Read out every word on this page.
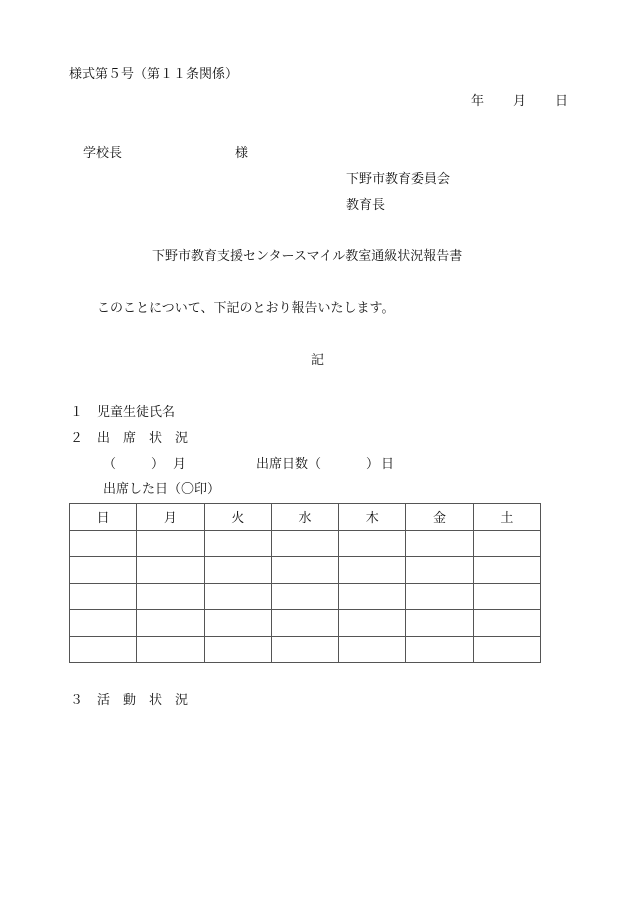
様式第５号（第１１条関係）
年 月 日
学校長	様
下野市教育委員会
教育長
下野市教育支援センタースマイル教室通級状況報告書
このことについて、下記のとおり報告いたします。
記
１ 児童生徒氏名
２ 出　席　状　況
（	） 月	出席日数（	） 日
出席した日（〇印）
日	月	火	水	木	金	土

３ 活　動　状　況
